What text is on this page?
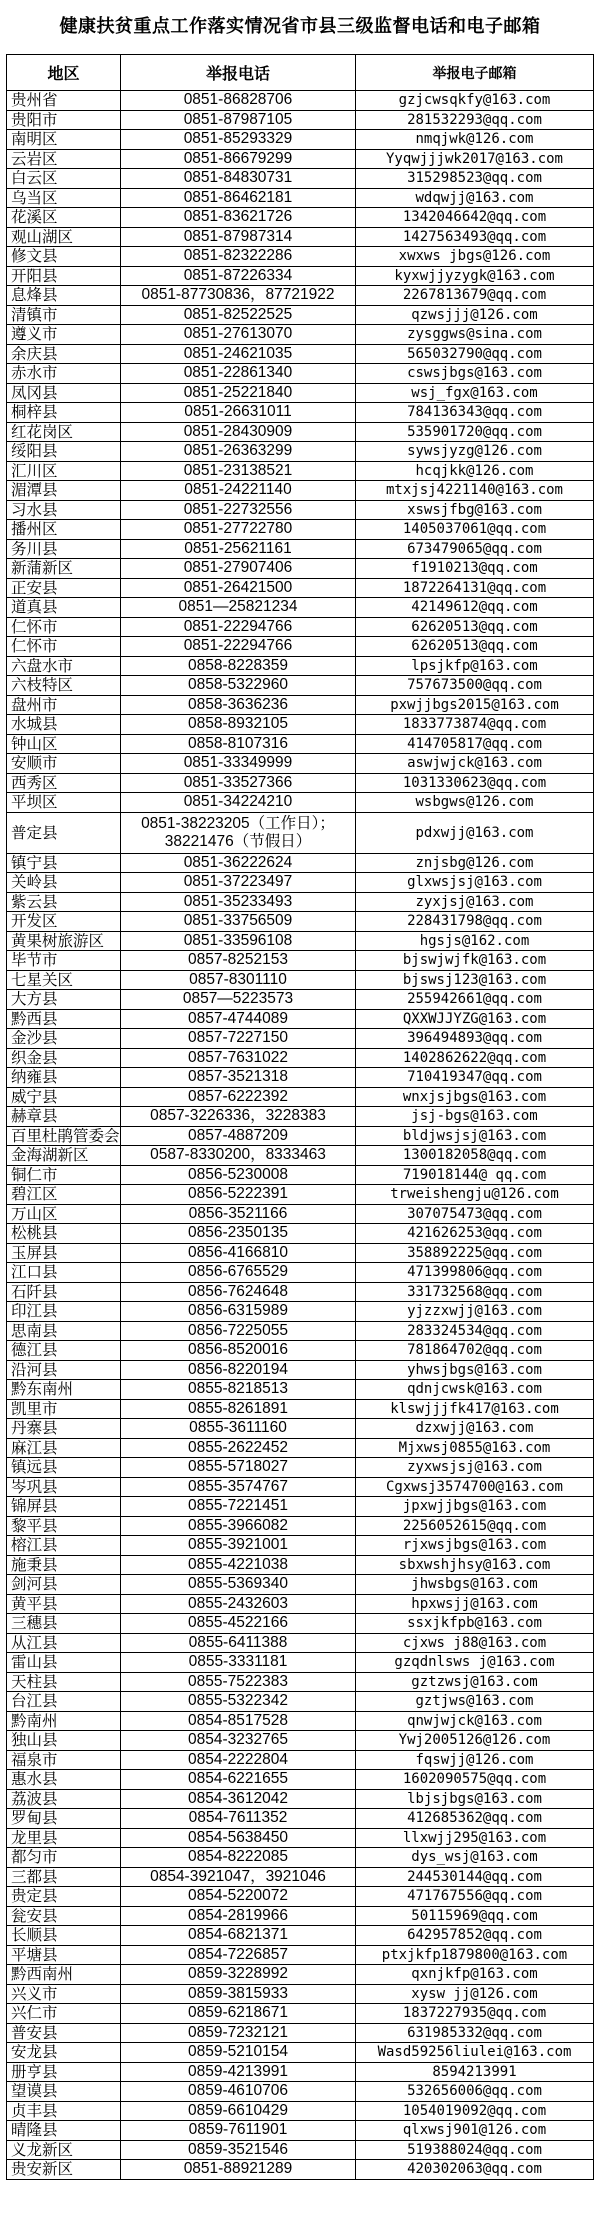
健康扶贫重点工作落实情况省市县三级监督电话和电子邮箱
地区	举报电话	举报电子邮箱
贵州省	0851-86828706	gzjcwsqkfy@163.com
贵阳市	0851-87987105	281532293@qq.com
南明区	0851-85293329	nmqjwk@126.com
云岩区	0851-86679299	Yyqwjjjwk2017@163.com
白云区	0851-84830731	315298523@qq.com
乌当区	0851-86462181	wdqwjj@163.com
花溪区	0851-83621726	1342046642@qq.com
观山湖区	0851-87987314	1427563493@qq.com
修文县	0851-82322286	xwxws jbgs@126.com
开阳县	0851-87226334	kyxwjjyzygk@163.com
息烽县	0851-87730836，87721922	2267813679@qq.com
清镇市	0851-82522525	qzwsjjj@126.com
遵义市	0851-27613070	zysggws@sina.com
余庆县	0851-24621035	565032790@qq.com
赤水市	0851-22861340	cswsjbgs@163.com
凤冈县	0851-25221840	wsj_fgx@163.com
桐梓县	0851-26631011	784136343@qq.com
红花岗区	0851-28430909	535901720@qq.com
绥阳县	0851-26363299	sywsjyzg@126.com
汇川区	0851-23138521	hcqjkk@126.com
湄潭县	0851-24221140	mtxjsj4221140@163.com
习水县	0851-22732556	xswsjfbg@163.com
播州区	0851-27722780	1405037061@qq.com
务川县	0851-25621161	673479065@qq.com
新蒲新区	0851-27907406	f1910213@qq.com
正安县	0851-26421500	1872264131@qq.com
道真县	0851—25821234	42149612@qq.com
仁怀市	0851-22294766	62620513@qq.com
仁怀市	0851-22294766	62620513@qq.com
六盘水市	0858-8228359	lpsjkfp@163.com
六枝特区	0858-5322960	757673500@qq.com
盘州市	0858-3636236	pxwjjbgs2015@163.com
水城县	0858-8932105	1833773874@qq.com
钟山区	0858-8107316	414705817@qq.com
安顺市	0851-33349999	aswjwjck@163.com
西秀区	0851-33527366	1031330623@qq.com
平坝区	0851-34224210	wsbgws@126.com
普定县	0851-38223205（工作日）；38221476（节假日）	pdxwjj@163.com
镇宁县	0851-36222624	znjsbg@126.com
关岭县	0851-37223497	glxwsjsj@163.com
紫云县	0851-35233493	zyxjsj@163.com
开发区	0851-33756509	228431798@qq.com
黄果树旅游区	0851-33596108	hgsjs@162.com
毕节市	0857-8252153	bjswjwjfk@163.com
七星关区	0857-8301110	bjswsj123@163.com
大方县	0857—5223573	255942661@qq.com
黔西县	0857-4744089	QXXWJJYZG@163.com
金沙县	0857-7227150	396494893@qq.com
织金县	0857-7631022	1402862622@qq.com
纳雍县	0857-3521318	710419347@qq.com
威宁县	0857-6222392	wnxjsjbgs@163.com
赫章县	0857-3226336，3228383	jsj-bgs@163.com
百里杜鹃管委会	0857-4887209	bldjwsjsj@163.com
金海湖新区	0587-8330200，8333463	1300182058@qq.com
铜仁市	0856-5230008	719018144@ qq.com
碧江区	0856-5222391	trweishengju@126.com
万山区	0856-3521166	307075473@qq.com
松桃县	0856-2350135	421626253@qq.com
玉屏县	0856-4166810	358892225@qq.com
江口县	0856-6765529	471399806@qq.com
石阡县	0856-7624648	331732568@qq.com
印江县	0856-6315989	yjzzxwjj@163.com
思南县	0856-7225055	283324534@qq.com
德江县	0856-8520016	781864702@qq.com
沿河县	0856-8220194	yhwsjbgs@163.com
黔东南州	0855-8218513	qdnjcwsk@163.com
凯里市	0855-8261891	klswjjjfk417@163.com
丹寨县	0855-3611160	dzxwjj@163.com
麻江县	0855-2622452	Mjxwsj0855@163.com
镇远县	0855-5718027	zyxwsjsj@163.com
岑巩县	0855-3574767	Cgxwsj3574700@163.com
锦屏县	0855-7221451	jpxwjjbgs@163.com
黎平县	0855-3966082	2256052615@qq.com
榕江县	0855-3921001	rjxwsjbgs@163.com
施秉县	0855-4221038	sbxwshjhsy@163.com
剑河县	0855-5369340	jhwsbgs@163.com
黄平县	0855-2432603	hpxwsjj@163.com
三穗县	0855-4522166	ssxjkfpb@163.com
从江县	0855-6411388	cjxws j88@163.com
雷山县	0855-3331181	gzqdnlsws j@163.com
天柱县	0855-7522383	gztzwsj@163.com
台江县	0855-5322342	gztjws@163.com
黔南州	0854-8517528	qnwjwjck@163.com
独山县	0854-3232765	Ywj2005126@126.com
福泉市	0854-2222804	fqswjj@126.com
惠水县	0854-6221655	1602090575@qq.com
荔波县	0854-3612042	lbjsjbgs@163.com
罗甸县	0854-7611352	412685362@qq.com
龙里县	0854-5638450	llxwjj295@163.com
都匀市	0854-8222085	dys_wsj@163.com
三都县	0854-3921047，3921046	244530144@qq.com
贵定县	0854-5220072	471767556@qq.com
瓮安县	0854-2819966	50115969@qq.com
长顺县	0854-6821371	642957852@qq.com
平塘县	0854-7226857	ptxjkfp1879800@163.com
黔西南州	0859-3228992	qxnjkfp@163.com
兴义市	0859-3815933	xysw jj@126.com
兴仁市	0859-6218671	1837227935@qq.com
普安县	0859-7232121	631985332@qq.com
安龙县	0859-5210154	Wasd59256liulei@163.com
册亨县	0859-4213991	8594213991
望谟县	0859-4610706	532656006@qq.com
贞丰县	0859-6610429	1054019092@qq.com
晴隆县	0859-7611901	qlxwsj901@126.com
义龙新区	0859-3521546	519388024@qq.com
贵安新区	0851-88921289	420302063@qq.com
